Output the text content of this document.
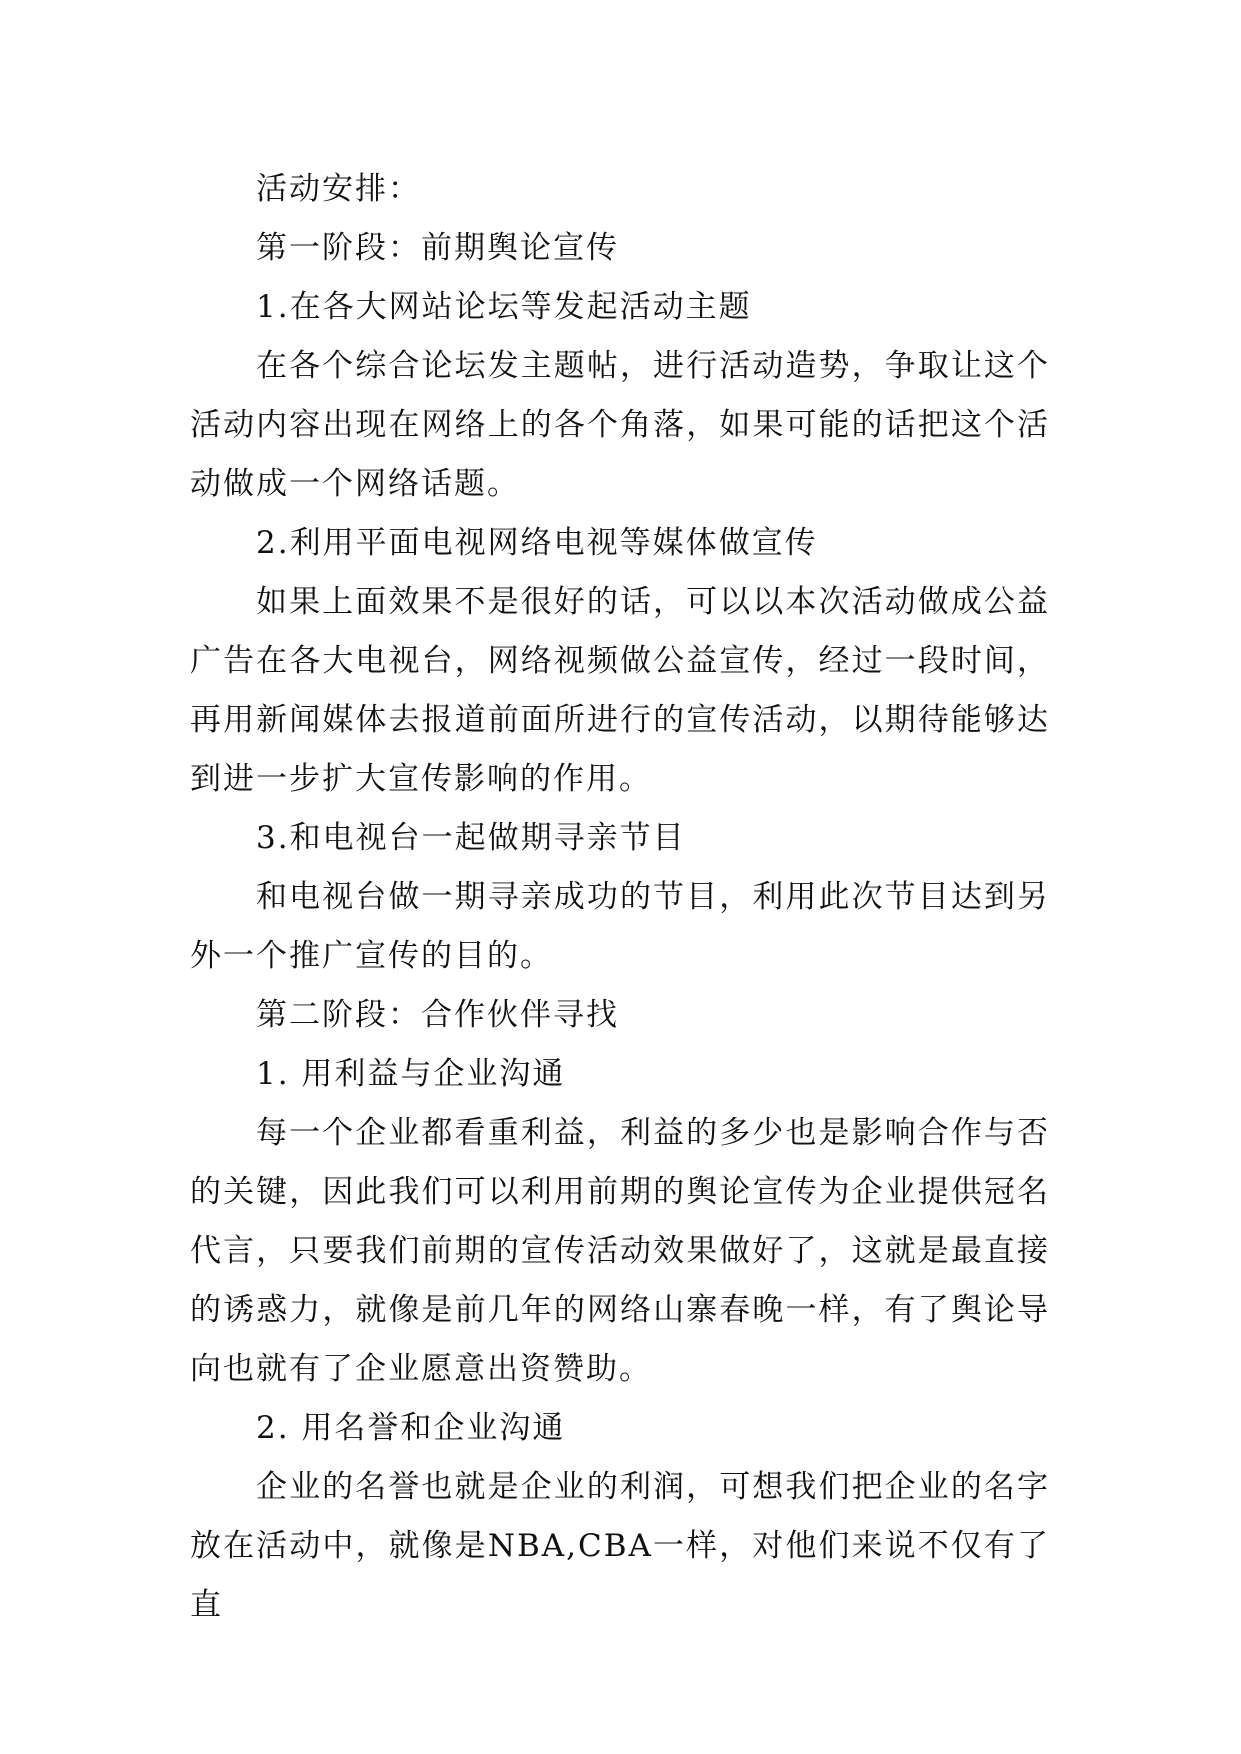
活动安排：

第一阶段：前期舆论宣传

1.在各大网站论坛等发起活动主题

在各个综合论坛发主题帖，进行活动造势，争取让这个活动内容出现在网络上的各个角落，如果可能的话把这个活动做成一个网络话题。

2.利用平面电视网络电视等媒体做宣传

如果上面效果不是很好的话，可以以本次活动做成公益广告在各大电视台，网络视频做公益宣传，经过一段时间，再用新闻媒体去报道前面所进行的宣传活动，以期待能够达到进一步扩大宣传影响的作用。

3.和电视台一起做期寻亲节目

和电视台做一期寻亲成功的节目，利用此次节目达到另外一个推广宣传的目的。

第二阶段：合作伙伴寻找

1. 用利益与企业沟通

每一个企业都看重利益，利益的多少也是影响合作与否的关键，因此我们可以利用前期的舆论宣传为企业提供冠名代言，只要我们前期的宣传活动效果做好了，这就是最直接的诱惑力，就像是前几年的网络山寨春晚一样，有了舆论导向也就有了企业愿意出资赞助。

2. 用名誉和企业沟通

企业的名誉也就是企业的利润，可想我们把企业的名字放在活动中，就像是NBA,CBA一样，对他们来说不仅有了直
